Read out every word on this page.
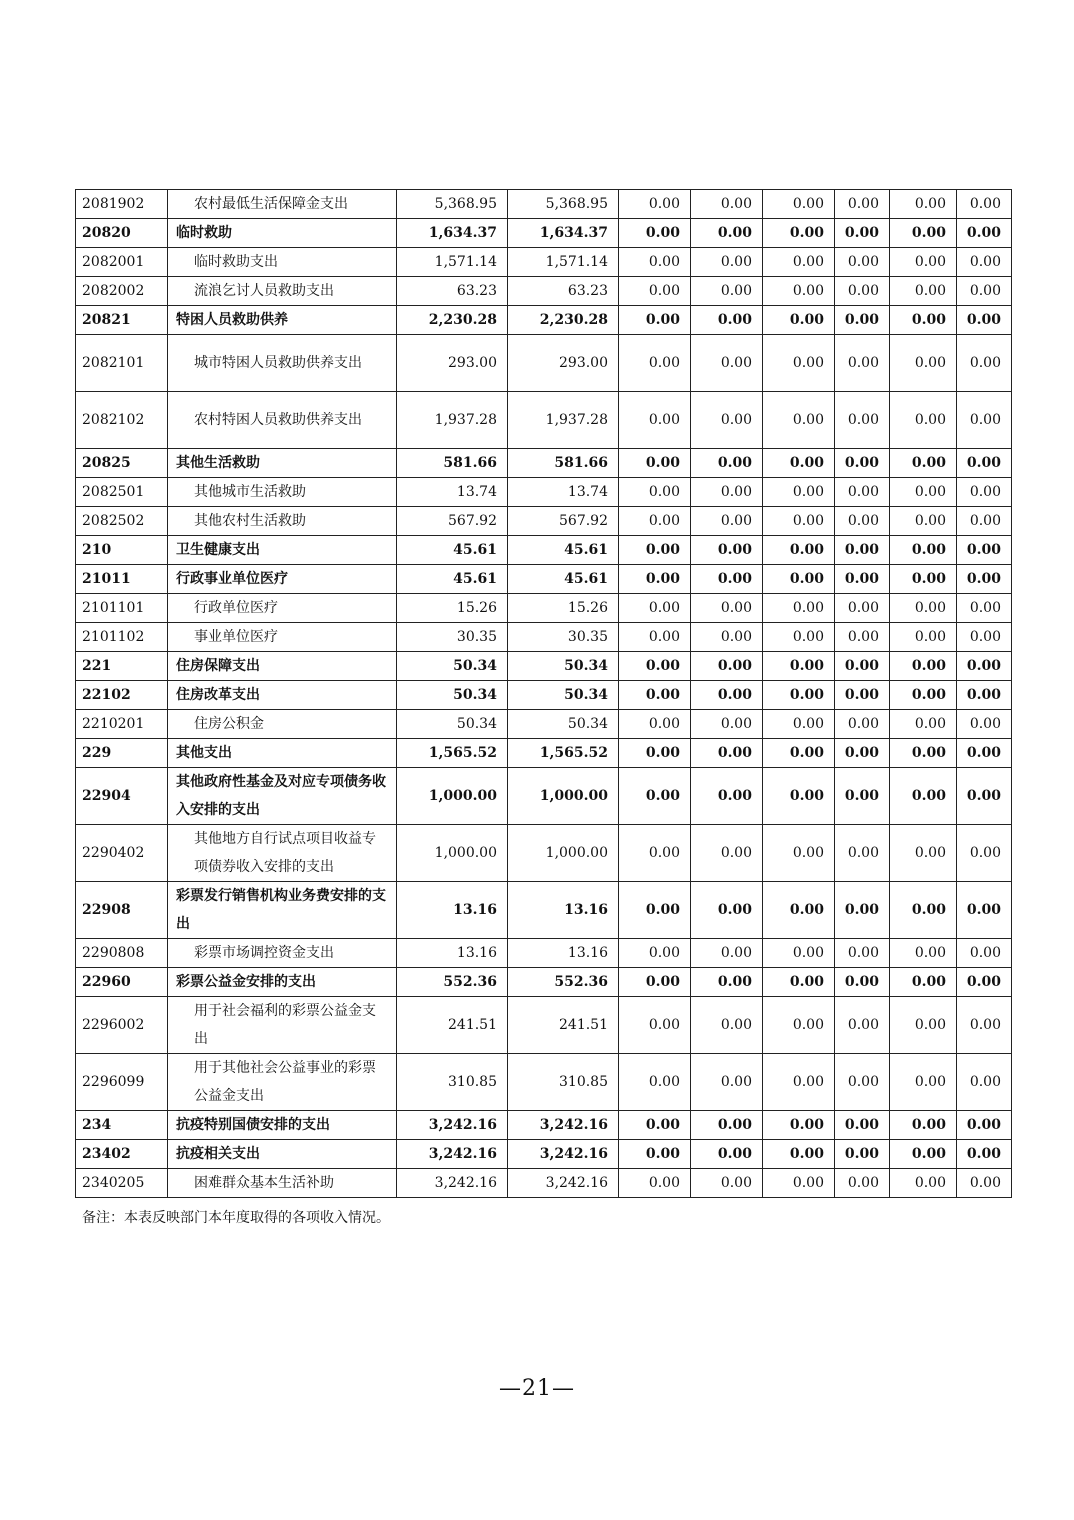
2081902	农村最低生活保障金支出	5,368.95	5,368.95	0.00	0.00	0.00	0.00	0.00	0.00
20820	临时救助	1,634.37	1,634.37	0.00	0.00	0.00	0.00	0.00	0.00
2082001	临时救助支出	1,571.14	1,571.14	0.00	0.00	0.00	0.00	0.00	0.00
2082002	流浪乞讨人员救助支出	63.23	63.23	0.00	0.00	0.00	0.00	0.00	0.00
20821	特困人员救助供养	2,230.28	2,230.28	0.00	0.00	0.00	0.00	0.00	0.00
2082101	城市特困人员救助供养支出	293.00	293.00	0.00	0.00	0.00	0.00	0.00	0.00
2082102	农村特困人员救助供养支出	1,937.28	1,937.28	0.00	0.00	0.00	0.00	0.00	0.00
20825	其他生活救助	581.66	581.66	0.00	0.00	0.00	0.00	0.00	0.00
2082501	其他城市生活救助	13.74	13.74	0.00	0.00	0.00	0.00	0.00	0.00
2082502	其他农村生活救助	567.92	567.92	0.00	0.00	0.00	0.00	0.00	0.00
210	卫生健康支出	45.61	45.61	0.00	0.00	0.00	0.00	0.00	0.00
21011	行政事业单位医疗	45.61	45.61	0.00	0.00	0.00	0.00	0.00	0.00
2101101	行政单位医疗	15.26	15.26	0.00	0.00	0.00	0.00	0.00	0.00
2101102	事业单位医疗	30.35	30.35	0.00	0.00	0.00	0.00	0.00	0.00
221	住房保障支出	50.34	50.34	0.00	0.00	0.00	0.00	0.00	0.00
22102	住房改革支出	50.34	50.34	0.00	0.00	0.00	0.00	0.00	0.00
2210201	住房公积金	50.34	50.34	0.00	0.00	0.00	0.00	0.00	0.00
229	其他支出	1,565.52	1,565.52	0.00	0.00	0.00	0.00	0.00	0.00
22904	其他政府性基金及对应专项债务收入安排的支出	1,000.00	1,000.00	0.00	0.00	0.00	0.00	0.00	0.00
2290402	其他地方自行试点项目收益专项债券收入安排的支出	1,000.00	1,000.00	0.00	0.00	0.00	0.00	0.00	0.00
22908	彩票发行销售机构业务费安排的支出	13.16	13.16	0.00	0.00	0.00	0.00	0.00	0.00
2290808	彩票市场调控资金支出	13.16	13.16	0.00	0.00	0.00	0.00	0.00	0.00
22960	彩票公益金安排的支出	552.36	552.36	0.00	0.00	0.00	0.00	0.00	0.00
2296002	用于社会福利的彩票公益金支出	241.51	241.51	0.00	0.00	0.00	0.00	0.00	0.00
2296099	用于其他社会公益事业的彩票公益金支出	310.85	310.85	0.00	0.00	0.00	0.00	0.00	0.00
234	抗疫特别国债安排的支出	3,242.16	3,242.16	0.00	0.00	0.00	0.00	0.00	0.00
23402	抗疫相关支出	3,242.16	3,242.16	0.00	0.00	0.00	0.00	0.00	0.00
2340205	困难群众基本生活补助	3,242.16	3,242.16	0.00	0.00	0.00	0.00	0.00	0.00
备注：本表反映部门本年度取得的各项收入情况。
—21—
